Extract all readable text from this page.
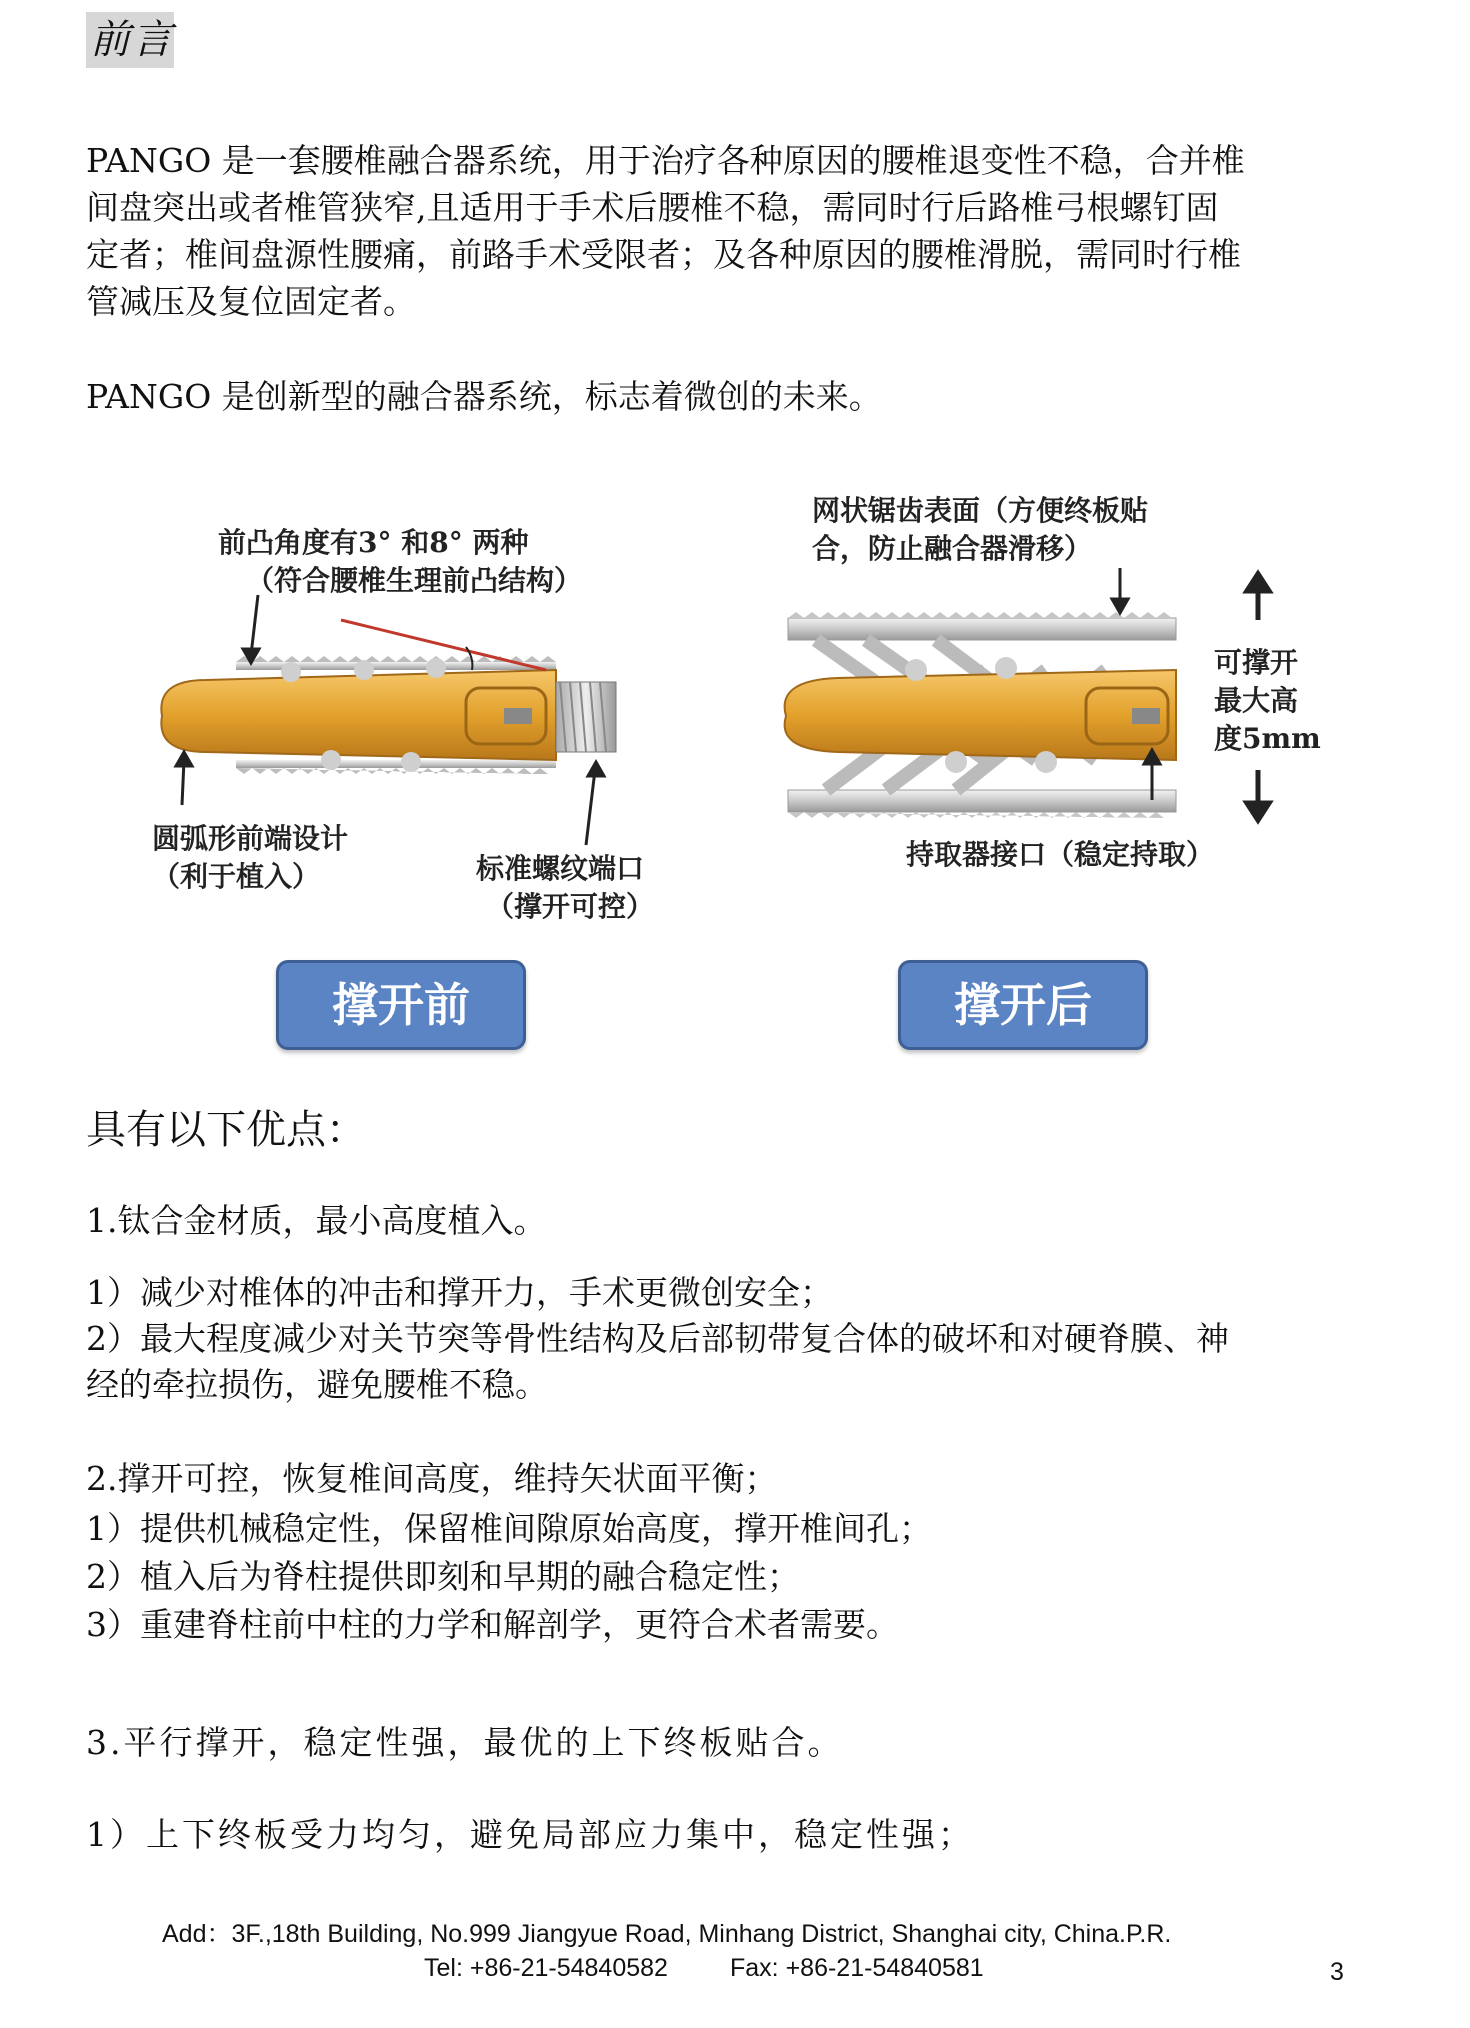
前言
PANGO 是一套腰椎融合器系统，用于治疗各种原因的腰椎退变性不稳，合并椎
间盘突出或者椎管狭窄,且适用于手术后腰椎不稳，需同时行后路椎弓根螺钉固
定者；椎间盘源性腰痛，前路手术受限者；及各种原因的腰椎滑脱，需同时行椎
管减压及复位固定者。
PANGO 是创新型的融合器系统，标志着微创的未来。
前凸角度有3° 和8° 两种
（符合腰椎生理前凸结构）
圆弧形前端设计
（利于植入）	标准螺纹端口
（撑开可控）
撑开前
网状锯齿表面（方便终板贴
合，防止融合器滑移）
可撑开
最大高
度5mm
持取器接口（稳定持取）
撑开后
具有以下优点：
1.钛合金材质，最小高度植入。
1）减少对椎体的冲击和撑开力，手术更微创安全；
2）最大程度减少对关节突等骨性结构及后部韧带复合体的破坏和对硬脊膜、神
经的牵拉损伤，避免腰椎不稳。
2.撑开可控，恢复椎间高度，维持矢状面平衡；
1）提供机械稳定性，保留椎间隙原始高度，撑开椎间孔；
2）植入后为脊柱提供即刻和早期的融合稳定性；
3）重建脊柱前中柱的力学和解剖学，更符合术者需要。
3.平行撑开，稳定性强，最优的上下终板贴合。
1）上下终板受力均匀，避免局部应力集中，稳定性强；
Add：3F.,18th Building, No.999 Jiangyue Road, Minhang District, Shanghai city, China.P.R.
Tel: +86-21-54840582 Fax: +86-21-54840581	3
